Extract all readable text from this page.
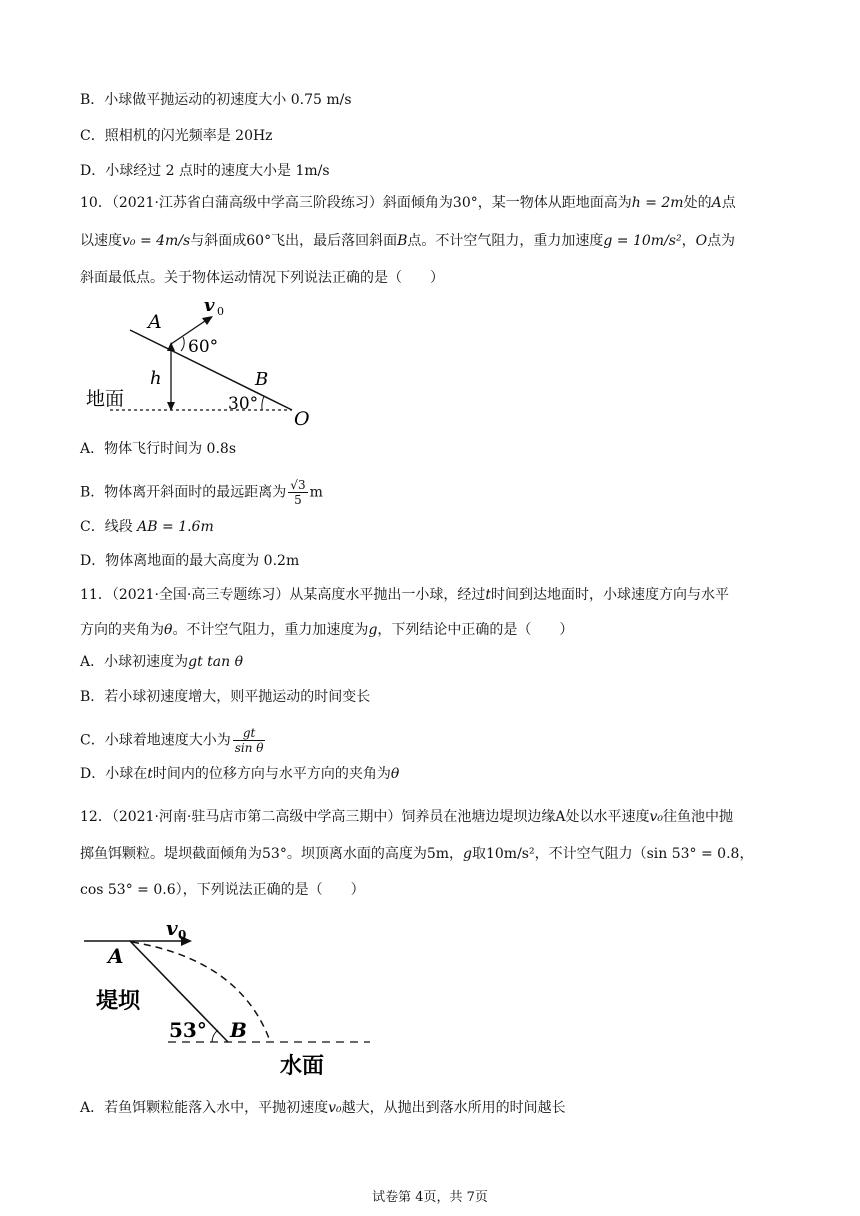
B．小球做平抛运动的初速度大小 0.75 m/s
C．照相机的闪光频率是 20Hz
D．小球经过 2 点时的速度大小是 1m/s
10．（2021·江苏省白蒲高级中学高三阶段练习）斜面倾角为30°，某一物体从距地面高为h = 2m处的A点
以速度v₀ = 4m/s与斜面成60°飞出，最后落回斜面B点。不计空气阻力，重力加速度g = 10m/s²，O点为
斜面最低点。关于物体运动情况下列说法正确的是（　　）
A
v 0
60°
h	B
地面	30°
O
A．物体飞行时间为 0.8s
B．物体离开斜面时的最远距离为 $\frac{√3}{5}$ m
C．线段 AB = 1.6m
D．物体离地面的最大高度为 0.2m
11．（2021·全国·高三专题练习）从某高度水平抛出一小球，经过t时间到达地面时，小球速度方向与水平
方向的夹角为θ。不计空气阻力，重力加速度为g，下列结论中正确的是（　　）
A．小球初速度为gt tan θ
B．若小球初速度增大，则平抛运动的时间变长
C．小球着地速度大小为 $\frac{gt}{\text{sin θ}}$
D．小球在t时间内的位移方向与水平方向的夹角为θ
12．（2021·河南·驻马店市第二高级中学高三期中）饲养员在池塘边堤坝边缘A处以水平速度v₀往鱼池中抛
掷鱼饵颗粒。堤坝截面倾角为53°。坝顶离水面的高度为5m，g取10m/s²，不计空气阻力（sin 53° = 0.8，
cos 53° = 0.6），下列说法正确的是（　　）
v 0
A
堤坝
53° B
水面
A．若鱼饵颗粒能落入水中，平抛初速度v₀越大，从抛出到落水所用的时间越长
试卷第 4页，共 7页
